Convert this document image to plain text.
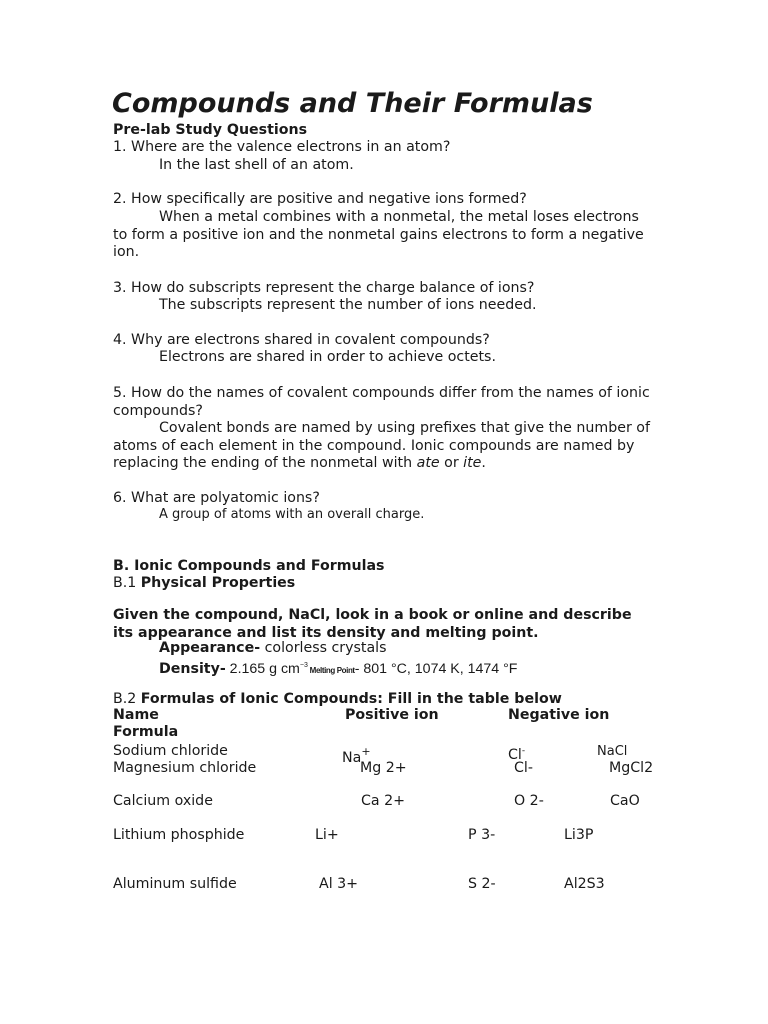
Compounds and Their Formulas
Pre-lab Study Questions
1. Where are the valence electrons in an atom?
In the last shell of an atom.
2. How specifically are positive and negative ions formed?
When a metal combines with a nonmetal, the metal loses electrons to form a positive ion and the nonmetal gains electrons to form a negative ion.
3. How do subscripts represent the charge balance of ions?
The subscripts represent the number of ions needed.
4. Why are electrons shared in covalent compounds?
Electrons are shared in order to achieve octets.
5. How do the names of covalent compounds differ from the names of ionic compounds?
Covalent bonds are named by using prefixes that give the number of atoms of each element in the compound. Ionic compounds are named by replacing the ending of the nonmetal with ate or ite.
6. What are polyatomic ions?
A group of atoms with an overall charge.
B. Ionic Compounds and Formulas
B.1 Physical Properties
Given the compound, NaCl, look in a book or online and describe its appearance and list its density and melting point.
Appearance- colorless crystals
Density- 2.165 g $cm^{-3}$ Melting Point- 801 °C, 1074 K, 1474 °F
B.2 Formulas of Ionic Compounds: Fill in the table below
Name	Positive ion	Negative ion
Formula
Sodium chloride	Na+	Cl-	NaCl
Magnesium chloride	Mg 2+	Cl-	MgCl2
Calcium oxide	Ca 2+	O 2-	CaO
Lithium phosphide	Li+	P 3-	Li3P
Aluminum sulfide	Al 3+	S 2-	Al2S3
